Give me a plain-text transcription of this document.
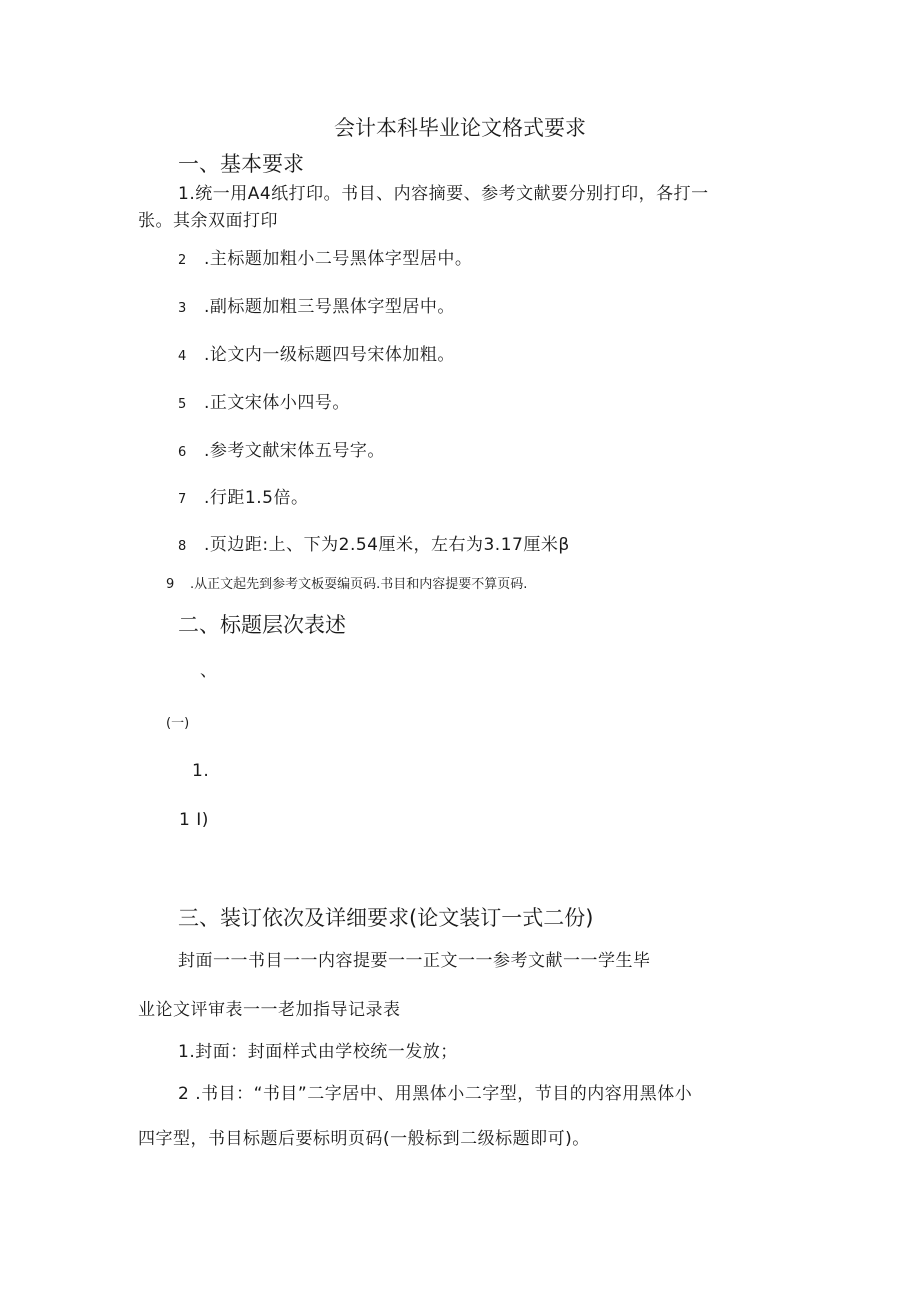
会计本科毕业论文格式要求
一、基本要求
1.统一用A4纸打印。书目、内容摘要、参考文献要分别打印，各打一
张。其余双面打印
2 .主标题加粗小二号黑体字型居中。
3 .副标题加粗三号黑体字型居中。
4 .论文内一级标题四号宋体加粗。
5 .正文宋体小四号。
6 .参考文献宋体五号字。
7 .行距1.5倍。
8 .页边距:上、下为2.54厘米，左右为3.17厘米β
9 .从正文起先到参考文板耍编页码.书目和内容提要不算页码.
二、标题层次表述
、
(一)
1.
1 I)
三、装订依次及详细要求(论文装订一式二份)
封面一一书目一一内容提要一一正文一一参考文献一一学生毕
业论文评审表一一老加指导记录表
1.封面：封面样式由学校统一发放；
2 .书目：“书目”二字居中、用黑体小二字型，节目的内容用黑体小
四字型，书目标题后要标明页码(一般标到二级标题即可)。
